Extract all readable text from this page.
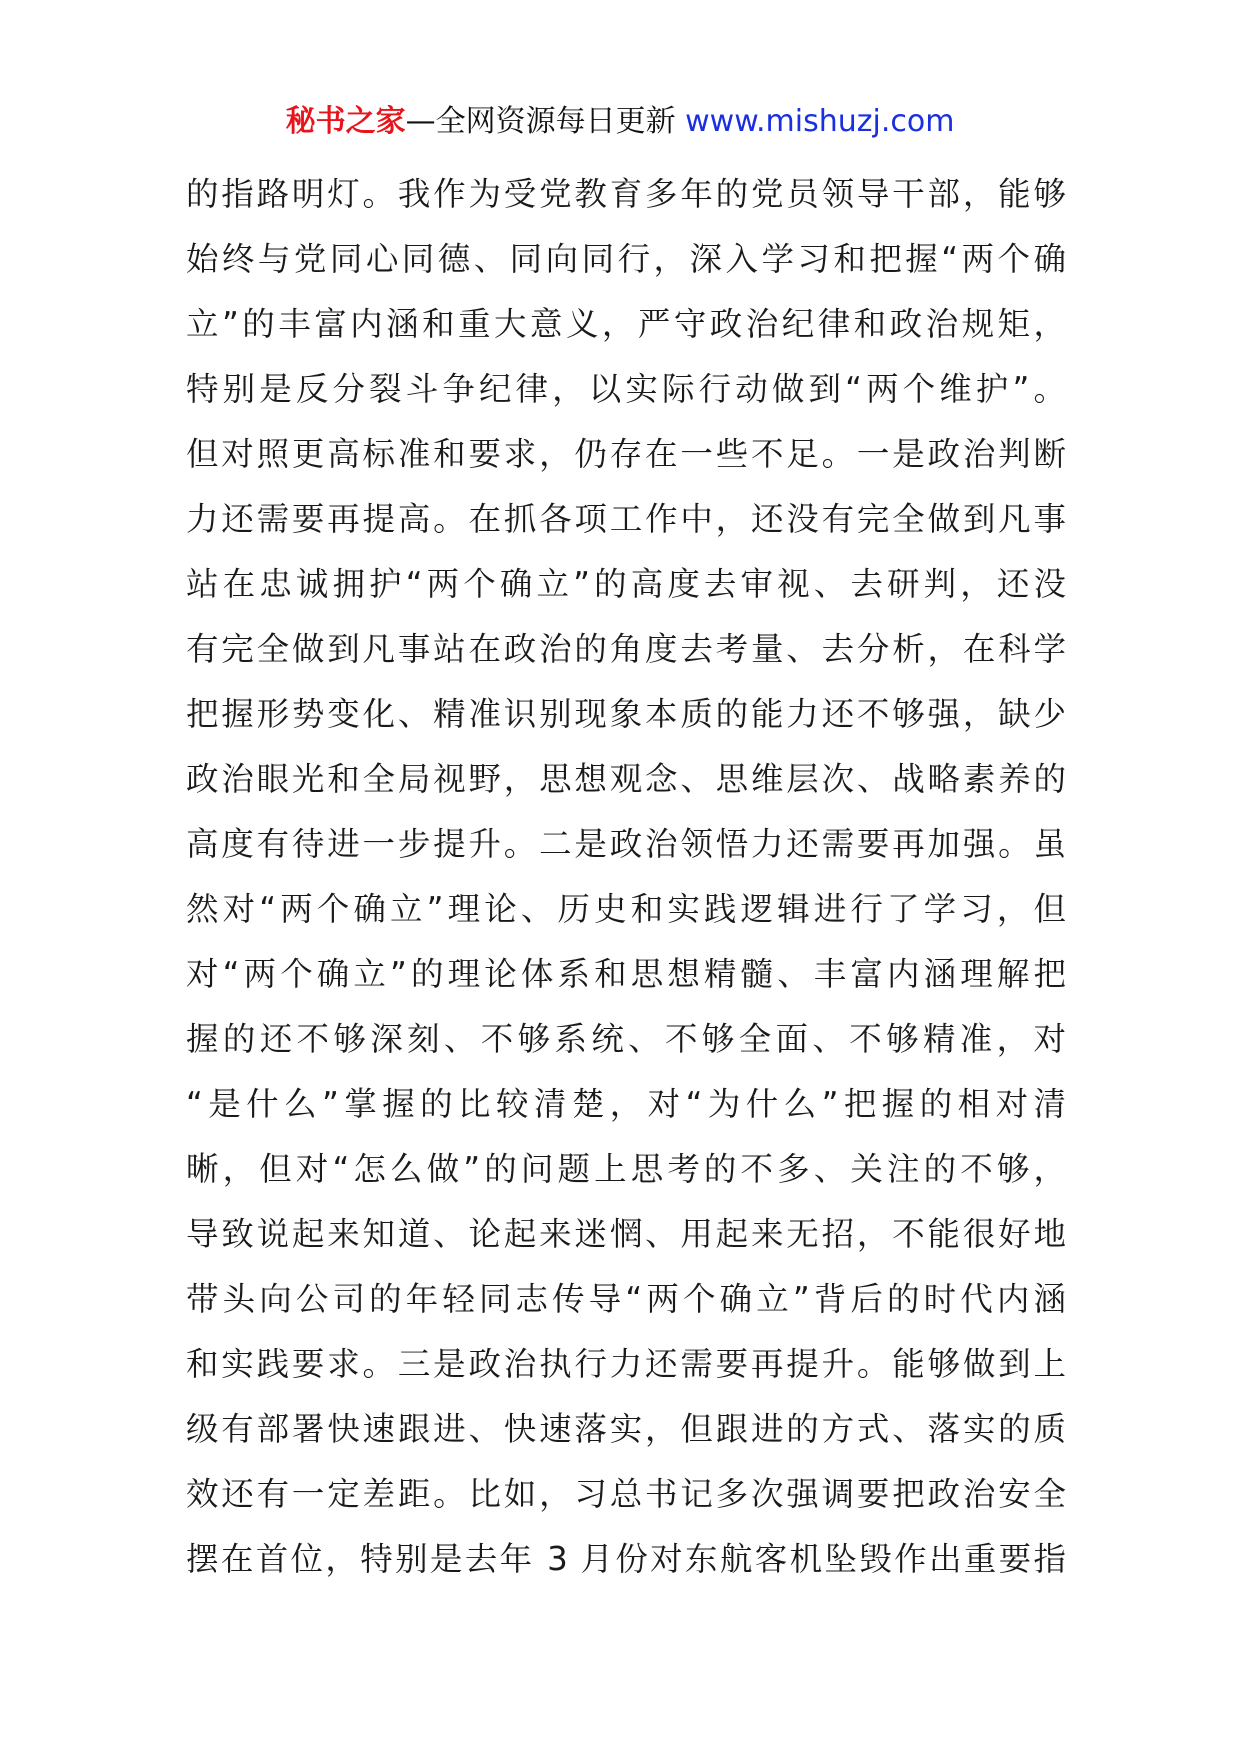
秘书之家—全网资源每日更新 www.mishuzj.com
的指路明灯。我作为受党教育多年的党员领导干部，能够
始终与党同心同德、同向同行，深入学习和把握“两个确
立”的丰富内涵和重大意义，严守政治纪律和政治规矩，
特别是反分裂斗争纪律，以实际行动做到“两个维护”。
但对照更高标准和要求，仍存在一些不足。一是政治判断
力还需要再提高。在抓各项工作中，还没有完全做到凡事
站在忠诚拥护“两个确立”的高度去审视、去研判，还没
有完全做到凡事站在政治的角度去考量、去分析，在科学
把握形势变化、精准识别现象本质的能力还不够强，缺少
政治眼光和全局视野，思想观念、思维层次、战略素养的
高度有待进一步提升。二是政治领悟力还需要再加强。虽
然对“两个确立”理论、历史和实践逻辑进行了学习，但
对“两个确立”的理论体系和思想精髓、丰富内涵理解把
握的还不够深刻、不够系统、不够全面、不够精准，对
“是什么”掌握的比较清楚，对“为什么”把握的相对清
晰，但对“怎么做”的问题上思考的不多、关注的不够，
导致说起来知道、论起来迷惘、用起来无招，不能很好地
带头向公司的年轻同志传导“两个确立”背后的时代内涵
和实践要求。三是政治执行力还需要再提升。能够做到上
级有部署快速跟进、快速落实，但跟进的方式、落实的质
效还有一定差距。比如，习总书记多次强调要把政治安全
摆在首位，特别是去年 3 月份对东航客机坠毁作出重要指
